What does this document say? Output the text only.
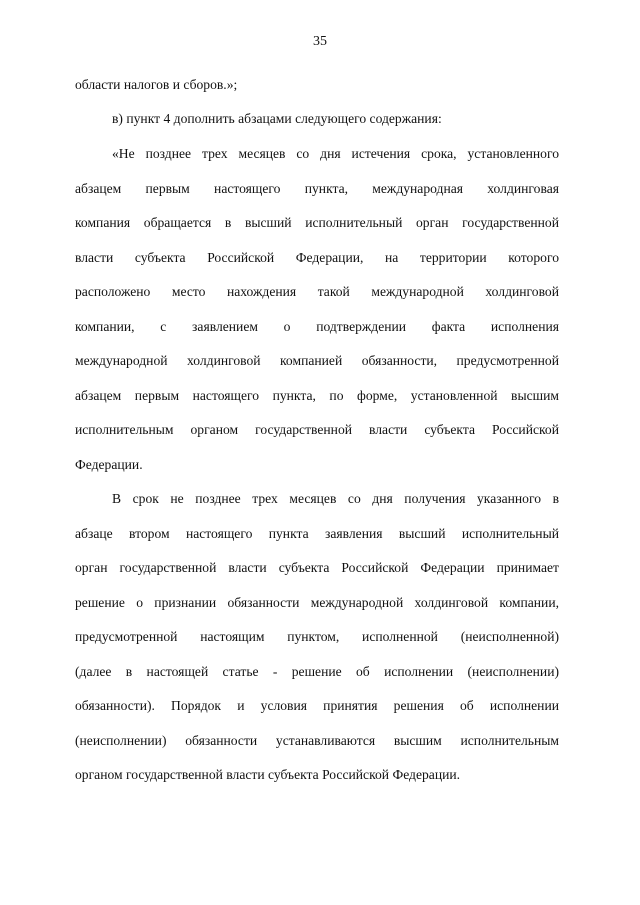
35
области налогов и сборов.»;
в) пункт 4 дополнить абзацами следующего содержания:
«Не позднее трех месяцев со дня истечения срока, установленного
абзацем первым настоящего пункта, международная холдинговая
компания обращается в высший исполнительный орган государственной
власти субъекта Российской Федерации, на территории которого
расположено место нахождения такой международной холдинговой
компании, с заявлением о подтверждении факта исполнения
международной холдинговой компанией обязанности, предусмотренной
абзацем первым настоящего пункта, по форме, установленной высшим
исполнительным органом государственной власти субъекта Российской
Федерации.
В срок не позднее трех месяцев со дня получения указанного в
абзаце втором настоящего пункта заявления высший исполнительный
орган государственной власти субъекта Российской Федерации принимает
решение о признании обязанности международной холдинговой компании,
предусмотренной настоящим пунктом, исполненной (неисполненной)
(далее в настоящей статье - решение об исполнении (неисполнении)
обязанности). Порядок и условия принятия решения об исполнении
(неисполнении) обязанности устанавливаются высшим исполнительным
органом государственной власти субъекта Российской Федерации.
